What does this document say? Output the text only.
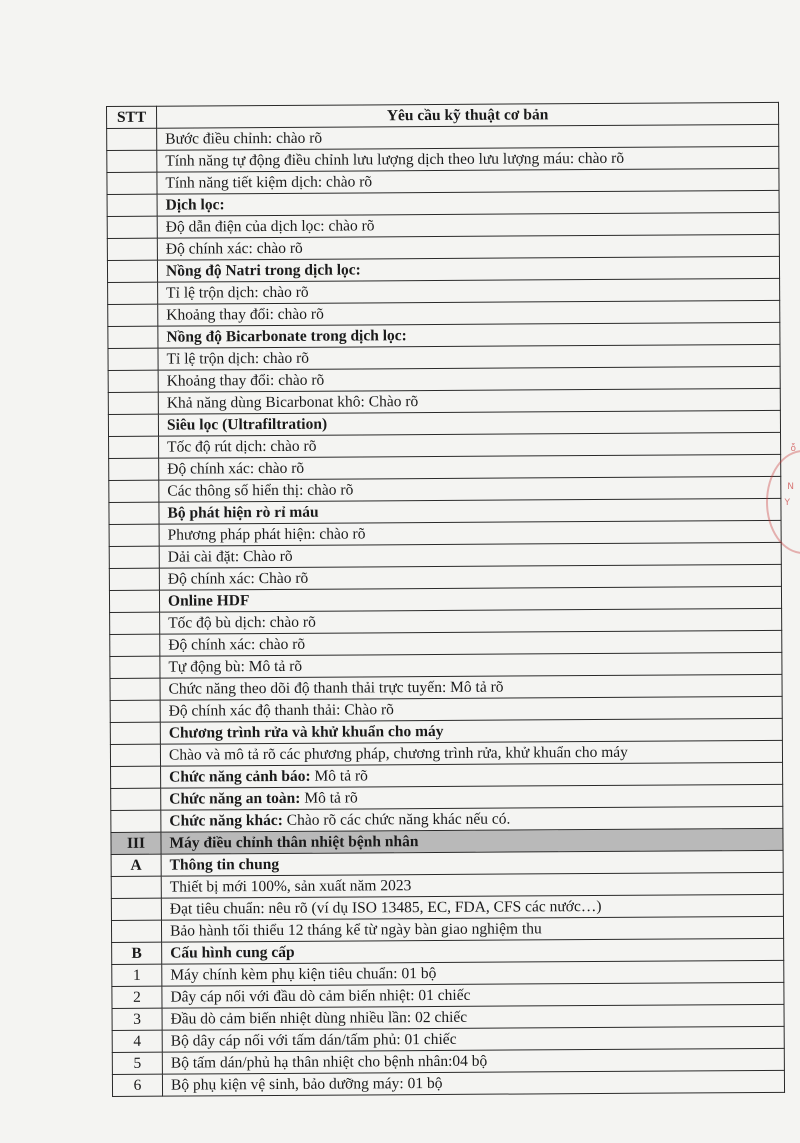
STT	Yêu cầu kỹ thuật cơ bản
	Bước điều chỉnh: chào rõ
	Tính năng tự động điều chỉnh lưu lượng dịch theo lưu lượng máu: chào rõ
	Tính năng tiết kiệm dịch: chào rõ
	Dịch lọc:
	Độ dẫn điện của dịch lọc: chào rõ
	Độ chính xác: chào rõ
	Nồng độ Natri trong dịch lọc:
	Tỉ lệ trộn dịch: chào rõ
	Khoảng thay đổi: chào rõ
	Nồng độ Bicarbonate trong dịch lọc:
	Tỉ lệ trộn dịch: chào rõ
	Khoảng thay đổi: chào rõ
	Khả năng dùng Bicarbonat khô: Chào rõ
	Siêu lọc (Ultrafiltration)
	Tốc độ rút dịch: chào rõ
	Độ chính xác: chào rõ
	Các thông số hiển thị: chào rõ
	Bộ phát hiện rò rỉ máu
	Phương pháp phát hiện: chào rõ
	Dải cài đặt: Chào rõ
	Độ chính xác: Chào rõ
	Online HDF
	Tốc độ bù dịch: chào rõ
	Độ chính xác: chào rõ
	Tự động bù: Mô tả rõ
	Chức năng theo dõi độ thanh thải trực tuyến: Mô tả rõ
	Độ chính xác độ thanh thải: Chào rõ
	Chương trình rửa và khử khuẩn cho máy
	Chào và mô tả rõ các phương pháp, chương trình rửa, khử khuẩn cho máy
	Chức năng cảnh báo: Mô tả rõ
	Chức năng an toàn: Mô tả rõ
	Chức năng khác: Chào rõ các chức năng khác nếu có.
III	Máy điều chỉnh thân nhiệt bệnh nhân
A	Thông tin chung
	Thiết bị mới 100%, sản xuất năm 2023
	Đạt tiêu chuẩn: nêu rõ (ví dụ ISO 13485, EC, FDA, CFS các nước…)
	Bảo hành tối thiểu 12 tháng kể từ ngày bàn giao nghiệm thu
B	Cấu hình cung cấp
1	Máy chính kèm phụ kiện tiêu chuẩn: 01 bộ
2	Dây cáp nối với đầu dò cảm biến nhiệt: 01 chiếc
3	Đầu dò cảm biến nhiệt dùng nhiều lần: 02 chiếc
4	Bộ dây cáp nối với tấm dán/tấm phủ: 01 chiếc
5	Bộ tấm dán/phủ hạ thân nhiệt cho bệnh nhân:04 bộ
6	Bộ phụ kiện vệ sinh, bảo dưỡng máy: 01 bộ
ỗ
N
Y
